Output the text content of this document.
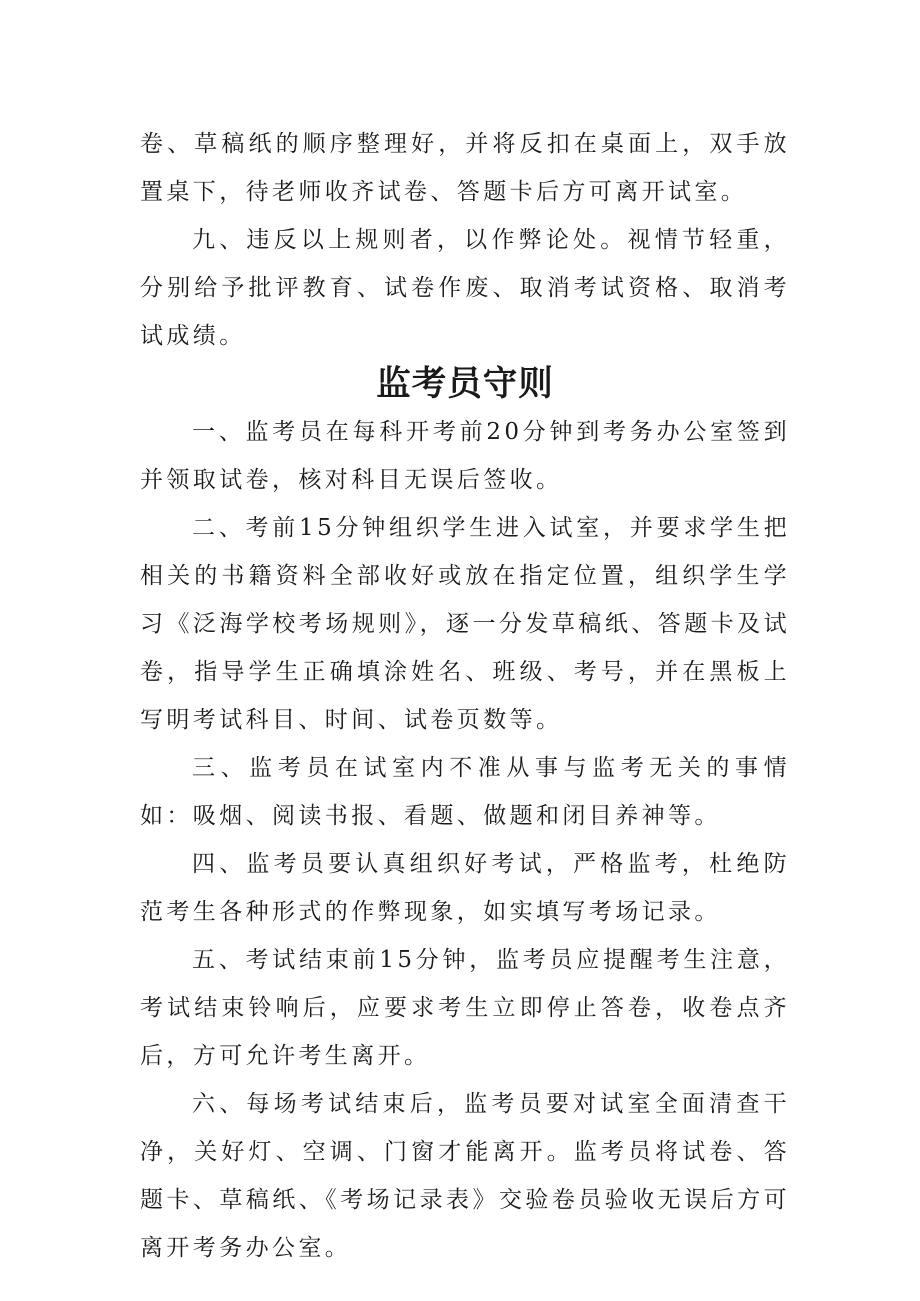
卷、草稿纸的顺序整理好，并将反扣在桌面上，双手放置桌下，待老师收齐试卷、答题卡后方可离开试室。

九、违反以上规则者，以作弊论处。视情节轻重，分别给予批评教育、试卷作废、取消考试资格、取消考试成绩。

监考员守则

一、监考员在每科开考前20分钟到考务办公室签到并领取试卷，核对科目无误后签收。

二、考前15分钟组织学生进入试室，并要求学生把相关的书籍资料全部收好或放在指定位置，组织学生学习《泛海学校考场规则》，逐一分发草稿纸、答题卡及试卷，指导学生正确填涂姓名、班级、考号，并在黑板上写明考试科目、时间、试卷页数等。

三、监考员在试室内不准从事与监考无关的事情如：吸烟、阅读书报、看题、做题和闭目养神等。

四、监考员要认真组织好考试，严格监考，杜绝防范考生各种形式的作弊现象，如实填写考场记录。

五、考试结束前15分钟，监考员应提醒考生注意，考试结束铃响后，应要求考生立即停止答卷，收卷点齐后，方可允许考生离开。

六、每场考试结束后，监考员要对试室全面清查干净，关好灯、空调、门窗才能离开。监考员将试卷、答题卡、草稿纸、《考场记录表》交验卷员验收无误后方可离开考务办公室。
